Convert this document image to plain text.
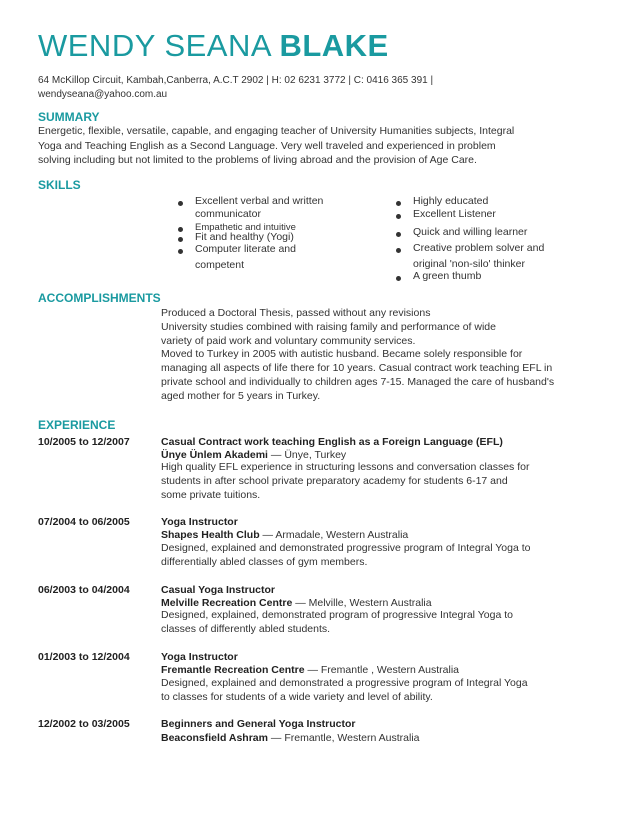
WENDY SEANA BLAKE
64 McKillop Circuit, Kambah,Canberra, A.C.T 2902 | H: 02 6231 3772 | C: 0416 365 391 |
wendyseana@yahoo.com.au
SUMMARY
Energetic, flexible, versatile, capable, and engaging teacher of University Humanities subjects, Integral
Yoga and Teaching English as a Second Language. Very well traveled and experienced in problem
solving including but not limited to the problems of living abroad and the provision of Age Care.
SKILLS
Excellent verbal and written
communicator
Empathetic and intuitive
Fit and healthy (Yogi)
Computer literate and
competent
Highly educated
Excellent Listener
Quick and willing learner
Creative problem solver and
original 'non-silo' thinker
A green thumb
ACCOMPLISHMENTS
Produced a Doctoral Thesis, passed without any revisions
University studies combined with raising family and performance of wide
variety of paid work and voluntary community services.
Moved to Turkey in 2005 with autistic husband. Became solely responsible for
managing all aspects of life there for 10 years. Casual contract work teaching EFL in
private school and individually to children ages 7-15. Managed the care of husband's
aged mother for 5 years in Turkey.
EXPERIENCE
10/2005 to 12/2007	Casual Contract work teaching English as a Foreign Language (EFL)
Ünye Ünlem Akademi — Ünye, Turkey
High quality EFL experience in structuring lessons and conversation classes for
students in after school private preparatory academy for students 6-17 and
some private tuitions.
07/2004 to 06/2005	Yoga Instructor
Shapes Health Club — Armadale, Western Australia
Designed, explained and demonstrated progressive program of Integral Yoga to
differentially abled classes of gym members.
06/2003 to 04/2004	Casual Yoga Instructor
Melville Recreation Centre — Melville, Western Australia
Designed, explained, demonstrated program of progressive Integral Yoga to
classes of differently abled students.
01/2003 to 12/2004	Yoga Instructor
Fremantle Recreation Centre — Fremantle , Western Australia
Designed, explained and demonstrated a progressive program of Integral Yoga
to classes for students of a wide variety and level of ability.
12/2002 to 03/2005	Beginners and General Yoga Instructor
Beaconsfield Ashram — Fremantle, Western Australia
